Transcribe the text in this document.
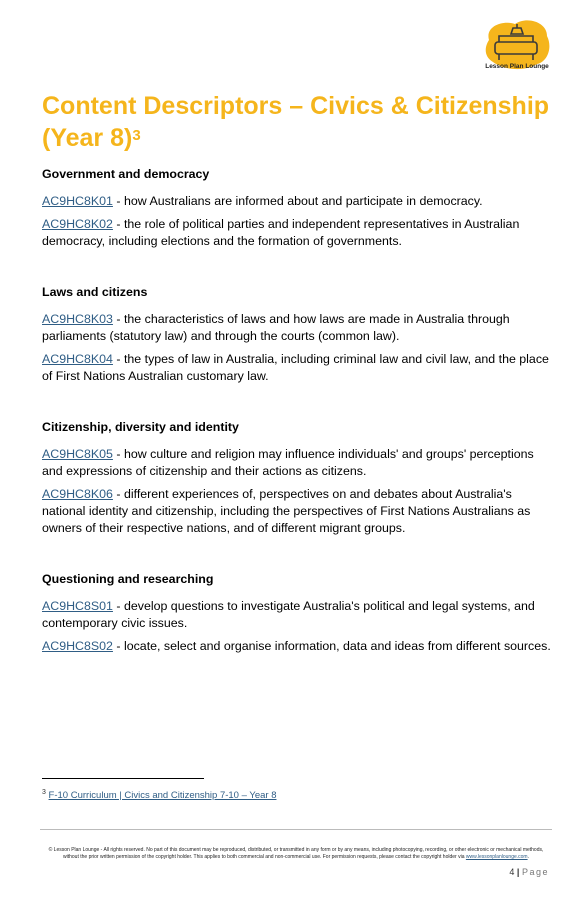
Lesson Plan Lounge
Content Descriptors – Civics & Citizenship (Year 8)$^3$
Government and democracy
AC9HC8K01 - how Australians are informed about and participate in democracy.
AC9HC8K02 - the role of political parties and independent representatives in Australian democracy, including elections and the formation of governments.
Laws and citizens
AC9HC8K03 - the characteristics of laws and how laws are made in Australia through parliaments (statutory law) and through the courts (common law).
AC9HC8K04 - the types of law in Australia, including criminal law and civil law, and the place of First Nations Australian customary law.
Citizenship, diversity and identity
AC9HC8K05 - how culture and religion may influence individuals' and groups' perceptions and expressions of citizenship and their actions as citizens.
AC9HC8K06 - different experiences of, perspectives on and debates about Australia's national identity and citizenship, including the perspectives of First Nations Australians as owners of their respective nations, and of different migrant groups.
Questioning and researching
AC9HC8S01 - develop questions to investigate Australia's political and legal systems, and contemporary civic issues.
AC9HC8S02 - locate, select and organise information, data and ideas from different sources.
$^3$ F-10 Curriculum | Civics and Citizenship 7-10 – Year 8
© Lesson Plan Lounge - All rights reserved. No part of this document may be reproduced, distributed, or transmitted in any form or by any means, including photocopying, recording, or other electronic or mechanical methods, without the prior written permission of the copyright holder. This applies to both commercial and non-commercial use. For permission requests, please contact the copyright holder via www.lessonplanlounge.com.
4 | Page
